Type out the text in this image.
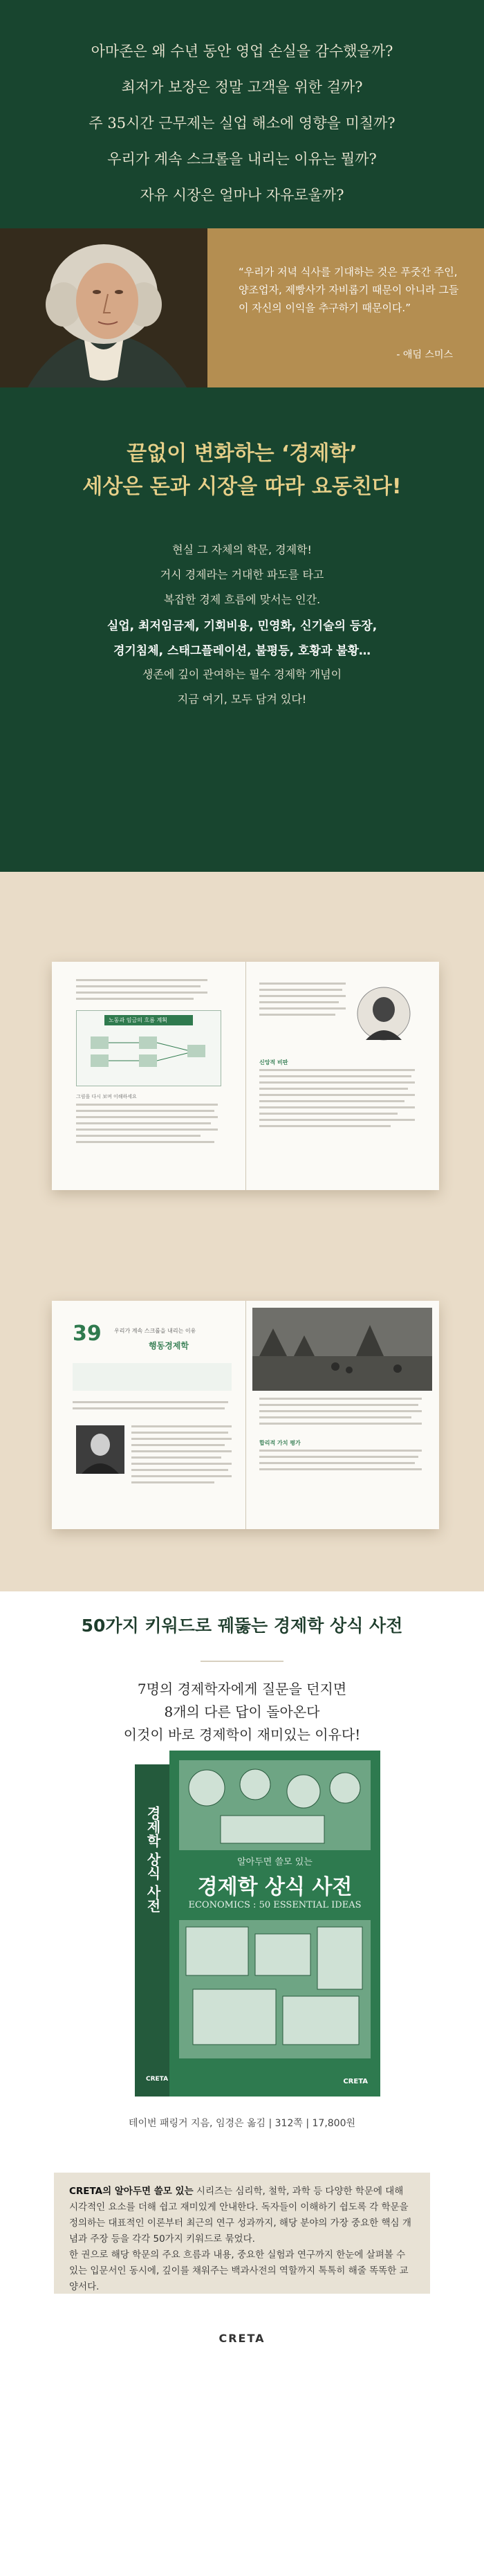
아마존은 왜 수년 동안 영업 손실을 감수했을까?
최저가 보장은 정말 고객을 위한 걸까?
주 35시간 근무제는 실업 해소에 영향을 미칠까?
우리가 계속 스크롤을 내리는 이유는 뭘까?
자유 시장은 얼마나 자유로울까?
“우리가 저녁 식사를 기대하는 것은 푸줏간 주인, 양조업자, 제빵사가 자비롭기 때문이 아니라 그들이 자신의 이익을 추구하기 때문이다.”
- 애덤 스미스
끝없이 변화하는 ‘경제학’
세상은 돈과 시장을 따라 요동친다!
현실 그 자체의 학문, 경제학!
거시 경제라는 거대한 파도를 타고
복잡한 경제 흐름에 맞서는 인간.
실업, 최저임금제, 기회비용, 민영화, 신기술의 등장,
경기침체, 스태그플레이션, 불평등, 호황과 불황…
생존에 깊이 관여하는 필수 경제학 개념이
지금 여기, 모두 담겨 있다!
노동과 임금의 흐름 계획
그림을 다시 보며 이해하세요
신앙적 비판
39 우리가 계속 스크롤을 내리는 이유
행동경제학
합리적 가치 평가
50가지 키워드로 꿰뚫는 경제학 상식 사전
7명의 경제학자에게 질문을 던지면
8개의 다른 답이 돌아온다
이것이 바로 경제학이 재미있는 이유다!
경제학 상식 사전
CRETA
알아두면 쓸모 있는
경제학 상식 사전
ECONOMICS : 50 ESSENTIAL IDEAS
CRETA
테이번 패링거 지음, 임경은 옮김 | 312쪽 | 17,800원

CRETA의 알아두면 쓸모 있는 시리즈는 심리학, 철학, 과학 등 다양한 학문에 대해 시각적인 요소를 더해 쉽고 재미있게 안내한다. 독자들이 이해하기 쉽도록 각 학문을 정의하는 대표적인 이론부터 최근의 연구 성과까지, 해당 분야의 가장 중요한 핵심 개념과 주장 등을 각각 50가지 키워드로 묶었다.

한 권으로 해당 학문의 주요 흐름과 내용, 중요한 실험과 연구까지 한눈에 살펴볼 수 있는 입문서인 동시에, 깊이를 채워주는 백과사전의 역할까지 톡톡히 해줄 똑똑한 교양서다.

CRETA
